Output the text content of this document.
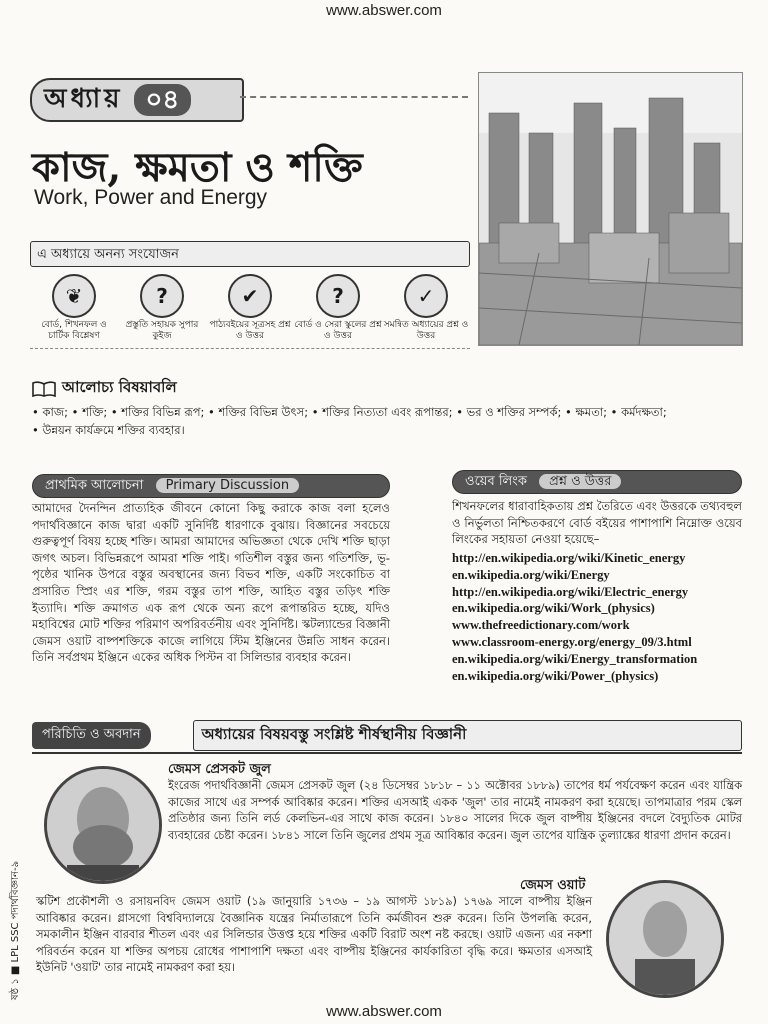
www.abswer.com
অধ্যায় ০৪
কাজ, ক্ষমতা ও শক্তি
Work, Power and Energy
এ অধ্যায়ে অনন্য সংযোজন
❦
বোর্ড, শিখনফল ও চার্টিক বিশ্লেষণ
?
প্রস্তুতি সহায়ক সুপার কুইজ
✔
পাঠ্যবইয়ের সূত্রসহ প্রশ্ন ও উত্তর
?
বোর্ড ও সেরা স্কুলের প্রশ্ন ও উত্তর
✓
সমন্বিত অধ্যায়ের প্রশ্ন ও উত্তর
আলোচ্য বিষয়াবলি
• কাজ; • শক্তি; • শক্তির বিভিন্ন রূপ; • শক্তির বিভিন্ন উৎস; • শক্তির নিত্যতা এবং রূপান্তর; • ভর ও শক্তির সম্পর্ক; • ক্ষমতা; • কর্মদক্ষতা;
• উন্নয়ন কার্যক্রমে শক্তির ব্যবহার।
প্রাথমিক আলোচনা Primary Discussion

আমাদের দৈনন্দিন প্রাত্যহিক জীবনে কোনো কিছু করাকে কাজ বলা হলেও পদার্থবিজ্ঞানে কাজ দ্বারা একটি সুনির্দিষ্ট ধারণাকে বুঝায়। বিজ্ঞানের সবচেয়ে গুরুত্বপূর্ণ বিষয় হচ্ছে শক্তি। আমরা আমাদের অভিজ্ঞতা থেকে দেখি শক্তি ছাড়া জগৎ অচল। বিভিন্নরূপে আমরা শক্তি পাই। গতিশীল বস্তুর জন্য গতিশক্তি, ভূ-পৃষ্ঠের খানিক উপরে বস্তুর অবস্থানের জন্য বিভব শক্তি, একটি সংকোচিত বা প্রসারিত স্প্রিং এর শক্তি, গরম বস্তুর তাপ শক্তি, আহিত বস্তুর তড়িৎ শক্তি ইত্যাদি। শক্তি ক্রমাগত এক রূপ থেকে অন্য রূপে রূপান্তরিত হচ্ছে, যদিও মহাবিশ্বের মোট শক্তির পরিমাণ অপরিবর্তনীয় এবং সুনির্দিষ্ট। স্কটল্যান্ডের বিজ্ঞানী জেমস ওয়াট বাষ্পশক্তিকে কাজে লাগিয়ে স্টিম ইঞ্জিনের উন্নতি সাধন করেন। তিনি সর্বপ্রথম ইঞ্জিনে একের অধিক পিস্টন বা সিলিন্ডার ব্যবহার করেন।

ওয়েব লিংক প্রশ্ন ও উত্তর

শিখনফলের ধারাবাহিকতায় প্রশ্ন তৈরিতে এবং উত্তরকে তথ্যবহুল ও নির্ভুলতা নিশ্চিতকরণে বোর্ড বইয়ের পাশাপাশি নিম্নোক্ত ওয়েব লিংকের সহায়তা নেওয়া হয়েছে–

http://en.wikipedia.org/wiki/Kinetic_energy
en.wikipedia.org/wiki/Energy
http://en.wikipedia.org/wiki/Electric_energy
en.wikipedia.org/wiki/Work_(physics)
www.thefreedictionary.com/work
www.classroom-energy.org/energy_09/3.html
en.wikipedia.org/wiki/Energy_transformation
en.wikipedia.org/wiki/Power_(physics)
পরিচিতি ও অবদান	অধ্যায়ের বিষয়বস্তু সংশ্লিষ্ট শীর্ষস্থানীয় বিজ্ঞানী
জেমস প্রেসকট জুল

ইংরেজ পদার্থবিজ্ঞানী জেমস প্রেসকট জুল (২৪ ডিসেম্বর ১৮১৮ – ১১ অক্টোবর ১৮৮৯) তাপের ধর্ম পর্যবেক্ষণ করেন এবং যান্ত্রিক কাজের সাথে এর সম্পর্ক আবিষ্কার করেন। শক্তির এসআই একক 'জুল' তার নামেই নামকরণ করা হয়েছে। তাপমাত্রার পরম স্কেল প্রতিষ্ঠার জন্য তিনি লর্ড কেলভিন-এর সাথে কাজ করেন। ১৮৪০ সালের দিকে জুল বাষ্পীয় ইঞ্জিনের বদলে বৈদ্যুতিক মোটর ব্যবহারের চেষ্টা করেন। ১৮৪১ সালে তিনি জুলের প্রথম সূত্র আবিষ্কার করেন। জুল তাপের যান্ত্রিক তুল্যাঙ্কের ধারণা প্রদান করেন।

জেমস ওয়াট

স্কটিশ প্রকৌশলী ও রসায়নবিদ জেমস ওয়াট (১৯ জানুয়ারি ১৭৩৬ – ১৯ আগস্ট ১৮১৯) ১৭৬৯ সালে বাষ্পীয় ইঞ্জিন আবিষ্কার করেন। গ্লাসগো বিশ্ববিদ্যালয়ে বৈজ্ঞানিক যন্ত্রের নির্মাতারূপে তিনি কর্মজীবন শুরু করেন। তিনি উপলব্ধি করেন, সমকালীন ইঞ্জিন বারবার শীতল এবং এর সিলিন্ডার উত্তপ্ত হয়ে শক্তির একটি বিরাট অংশ নষ্ট করছে। ওয়াট এজন্য এর নকশা পরিবর্তন করেন যা শক্তির অপচয় রোধের পাশাপাশি দক্ষতা এবং বাষ্পীয় ইঞ্জিনের কার্যকারিতা বৃদ্ধি করে। ক্ষমতার এসআই ইউনিট 'ওয়াট' তার নামেই নামকরণ করা হয়।

ষষ্ঠ ১ ■ LPL SSC পদার্থবিজ্ঞান-৯
www.abswer.com
